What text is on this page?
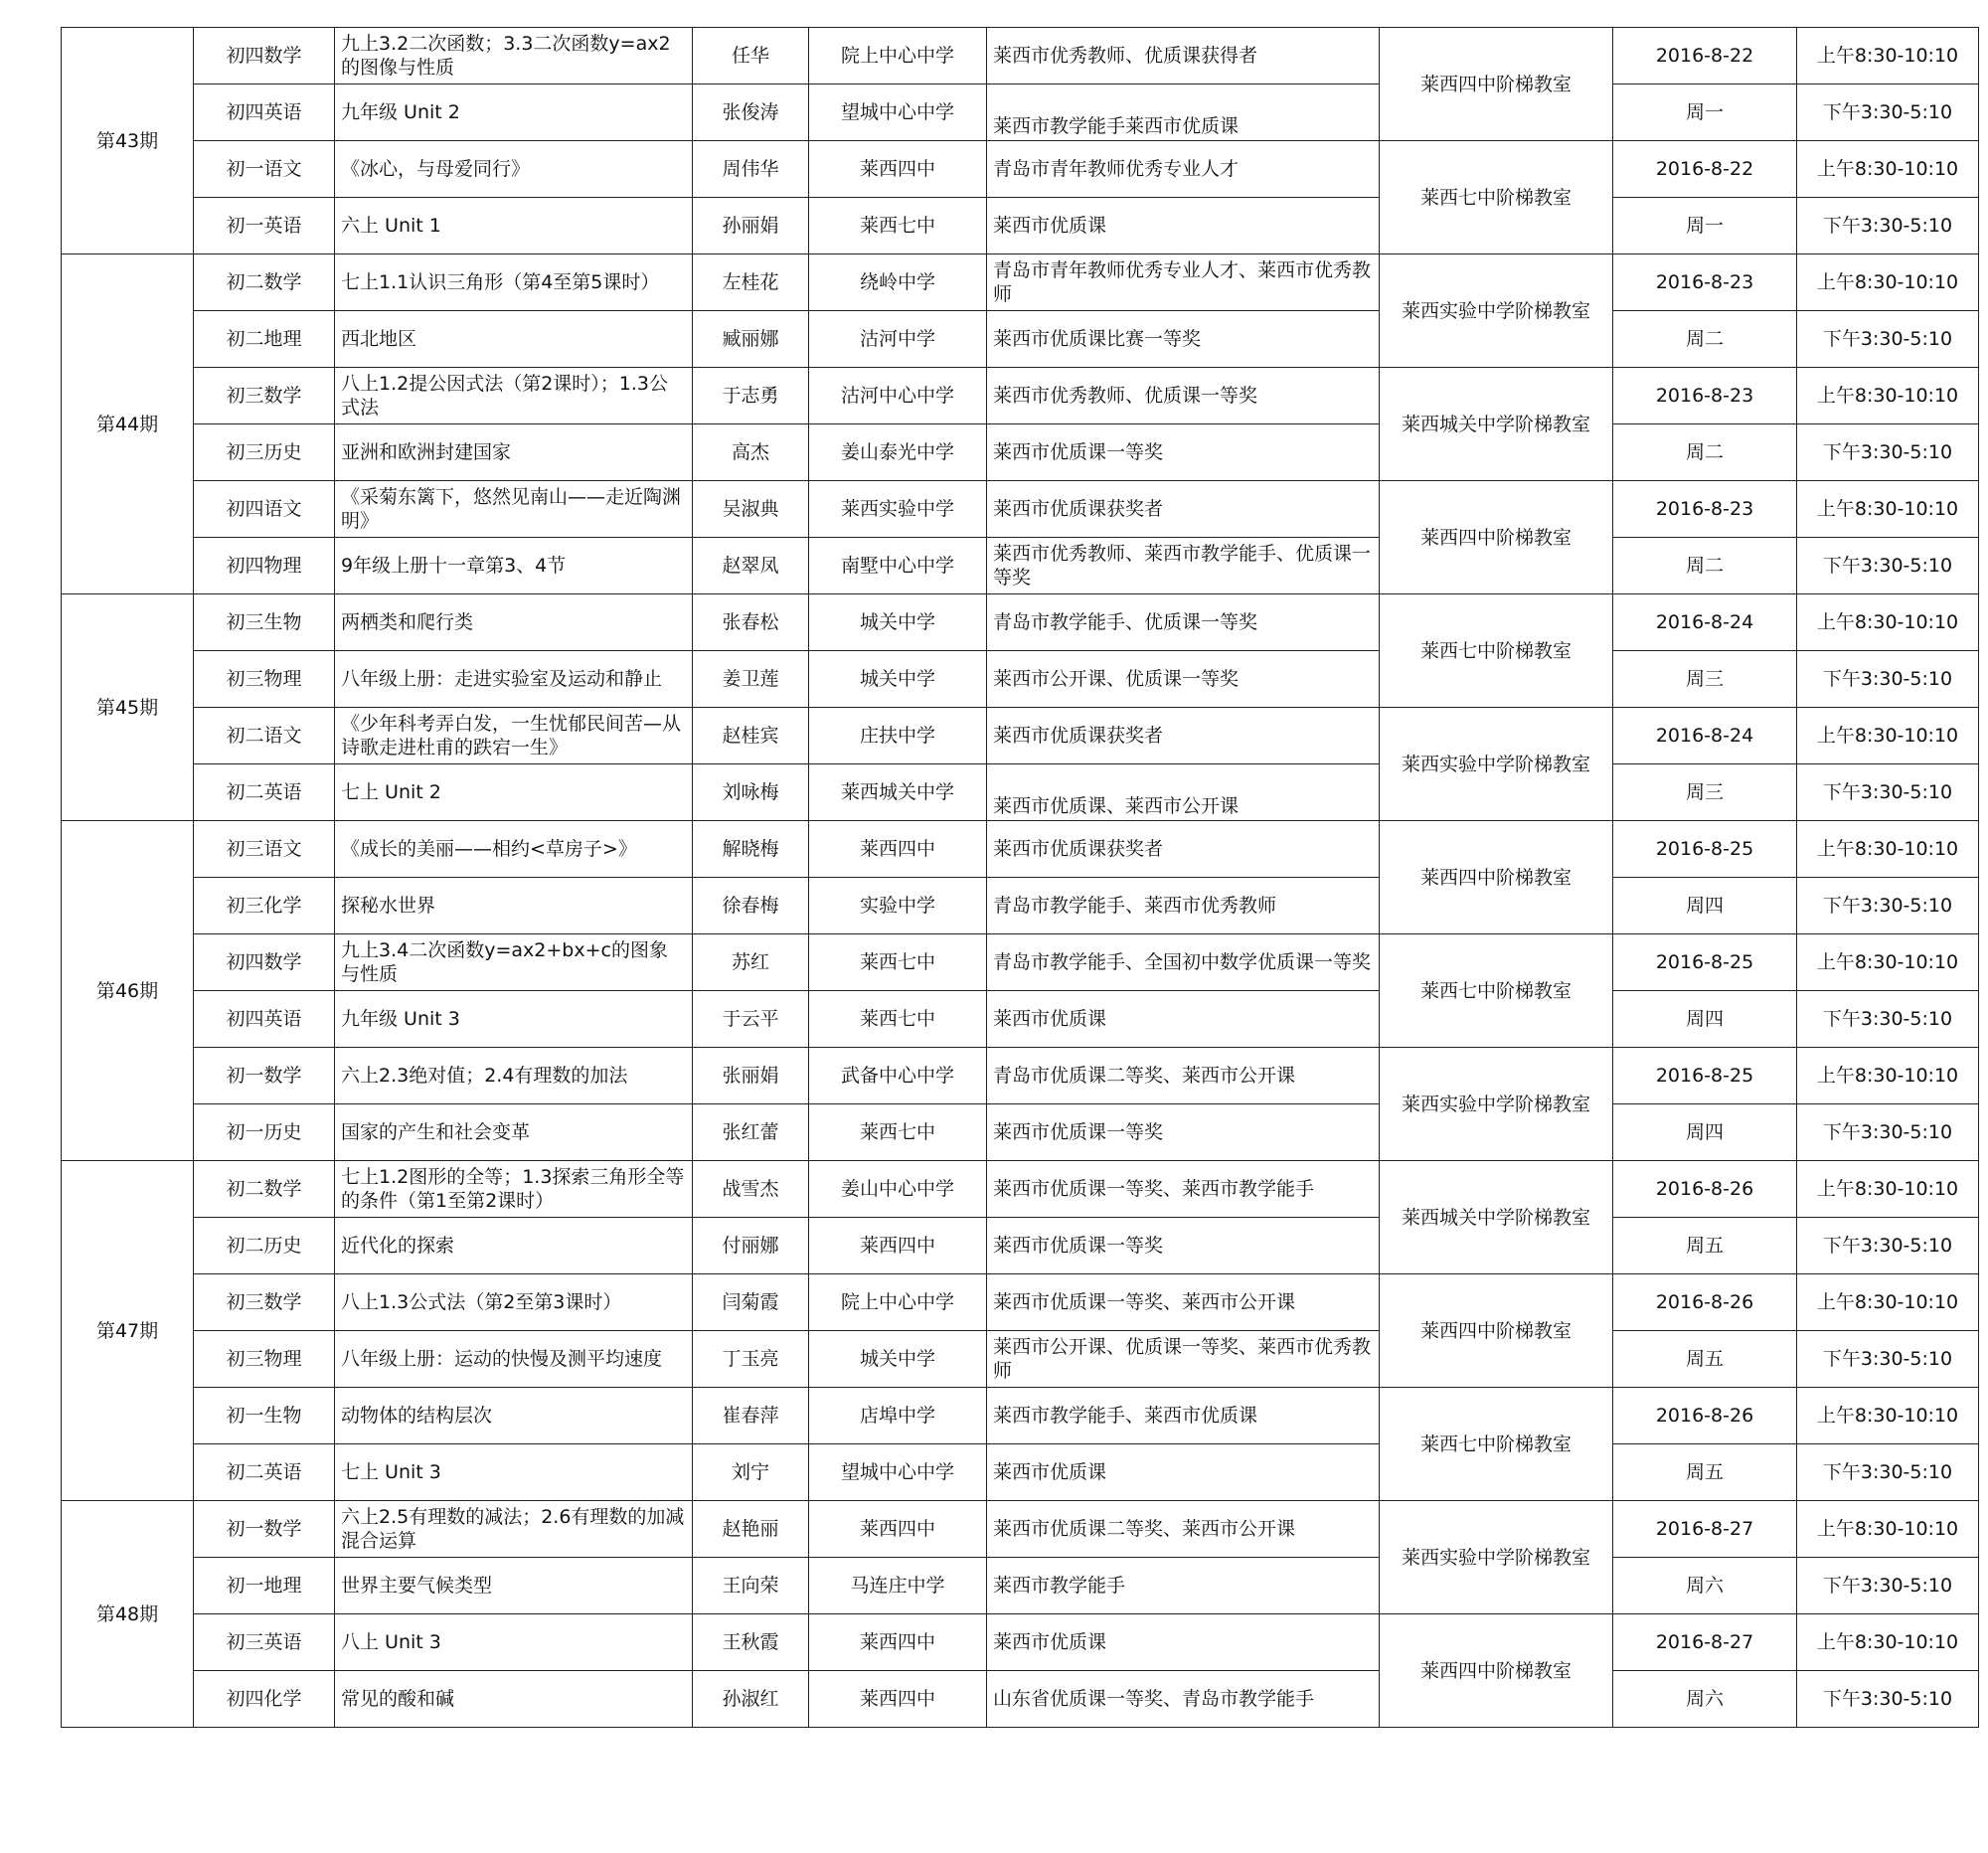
第43期	初四数学	九上3.2二次函数；3.3二次函数y=ax2的图像与性质	任华	院上中心中学	莱西市优秀教师、优质课获得者	莱西四中阶梯教室	2016-8-22	上午8:30-10:10
	初四英语	九年级 Unit 2	张俊涛	望城中心中学	莱西市教学能手莱西市优质课		周一	下午3:30-5:10
	初一语文	《冰心，与母爱同行》	周伟华	莱西四中	青岛市青年教师优秀专业人才	莱西七中阶梯教室	2016-8-22	上午8:30-10:10
	初一英语	六上 Unit 1	孙丽娟	莱西七中	莱西市优质课		周一	下午3:30-5:10
第44期	初二数学	七上1.1认识三角形（第4至第5课时）	左桂花	绕岭中学	青岛市青年教师优秀专业人才、莱西市优秀教师	莱西实验中学阶梯教室	2016-8-23	上午8:30-10:10
	初二地理	西北地区	臧丽娜	沽河中学	莱西市优质课比赛一等奖		周二	下午3:30-5:10
	初三数学	八上1.2提公因式法（第2课时）；1.3公式法	于志勇	沽河中心中学	莱西市优秀教师、优质课一等奖	莱西城关中学阶梯教室	2016-8-23	上午8:30-10:10
	初三历史	亚洲和欧洲封建国家	高杰	姜山泰光中学	莱西市优质课一等奖		周二	下午3:30-5:10
	初四语文	《采菊东篱下，悠然见南山——走近陶渊明》	吴淑典	莱西实验中学	莱西市优质课获奖者	莱西四中阶梯教室	2016-8-23	上午8:30-10:10
	初四物理	9年级上册十一章第3、4节	赵翠凤	南墅中心中学	莱西市优秀教师、莱西市教学能手、优质课一等奖		周二	下午3:30-5:10
第45期	初三生物	两栖类和爬行类	张春松	城关中学	青岛市教学能手、优质课一等奖	莱西七中阶梯教室	2016-8-24	上午8:30-10:10
	初三物理	八年级上册：走进实验室及运动和静止	姜卫莲	城关中学	莱西市公开课、优质课一等奖		周三	下午3:30-5:10
	初二语文	《少年科考弄白发，一生忧郁民间苦—从诗歌走进杜甫的跌宕一生》	赵桂宾	庄扶中学	莱西市优质课获奖者	莱西实验中学阶梯教室	2016-8-24	上午8:30-10:10
	初二英语	七上 Unit 2	刘咏梅	莱西城关中学	莱西市优质课、莱西市公开课		周三	下午3:30-5:10
第46期	初三语文	《成长的美丽——相约<草房子>》	解晓梅	莱西四中	莱西市优质课获奖者	莱西四中阶梯教室	2016-8-25	上午8:30-10:10
	初三化学	探秘水世界	徐春梅	实验中学	青岛市教学能手、莱西市优秀教师		周四	下午3:30-5:10
	初四数学	九上3.4二次函数y=ax2+bx+c的图象与性质	苏红	莱西七中	青岛市教学能手、全国初中数学优质课一等奖	莱西七中阶梯教室	2016-8-25	上午8:30-10:10
	初四英语	九年级 Unit 3	于云平	莱西七中	莱西市优质课		周四	下午3:30-5:10
	初一数学	六上2.3绝对值；2.4有理数的加法	张丽娟	武备中心中学	青岛市优质课二等奖、莱西市公开课	莱西实验中学阶梯教室	2016-8-25	上午8:30-10:10
	初一历史	国家的产生和社会变革	张红蕾	莱西七中	莱西市优质课一等奖		周四	下午3:30-5:10
第47期	初二数学	七上1.2图形的全等；1.3探索三角形全等的条件（第1至第2课时）	战雪杰	姜山中心中学	莱西市优质课一等奖、莱西市教学能手	莱西城关中学阶梯教室	2016-8-26	上午8:30-10:10
	初二历史	近代化的探索	付丽娜	莱西四中	莱西市优质课一等奖		周五	下午3:30-5:10
	初三数学	八上1.3公式法（第2至第3课时）	闫菊霞	院上中心中学	莱西市优质课一等奖、莱西市公开课	莱西四中阶梯教室	2016-8-26	上午8:30-10:10
	初三物理	八年级上册：运动的快慢及测平均速度	丁玉亮	城关中学	莱西市公开课、优质课一等奖、莱西市优秀教师		周五	下午3:30-5:10
	初一生物	动物体的结构层次	崔春萍	店埠中学	莱西市教学能手、莱西市优质课	莱西七中阶梯教室	2016-8-26	上午8:30-10:10
	初二英语	七上 Unit 3	刘宁	望城中心中学	莱西市优质课		周五	下午3:30-5:10
第48期	初一数学	六上2.5有理数的减法；2.6有理数的加减混合运算	赵艳丽	莱西四中	莱西市优质课二等奖、莱西市公开课	莱西实验中学阶梯教室	2016-8-27	上午8:30-10:10
	初一地理	世界主要气候类型	王向荣	马连庄中学	莱西市教学能手		周六	下午3:30-5:10
	初三英语	八上 Unit 3	王秋霞	莱西四中	莱西市优质课	莱西四中阶梯教室	2016-8-27	上午8:30-10:10
	初四化学	常见的酸和碱	孙淑红	莱西四中	山东省优质课一等奖、青岛市教学能手		周六	下午3:30-5:10
